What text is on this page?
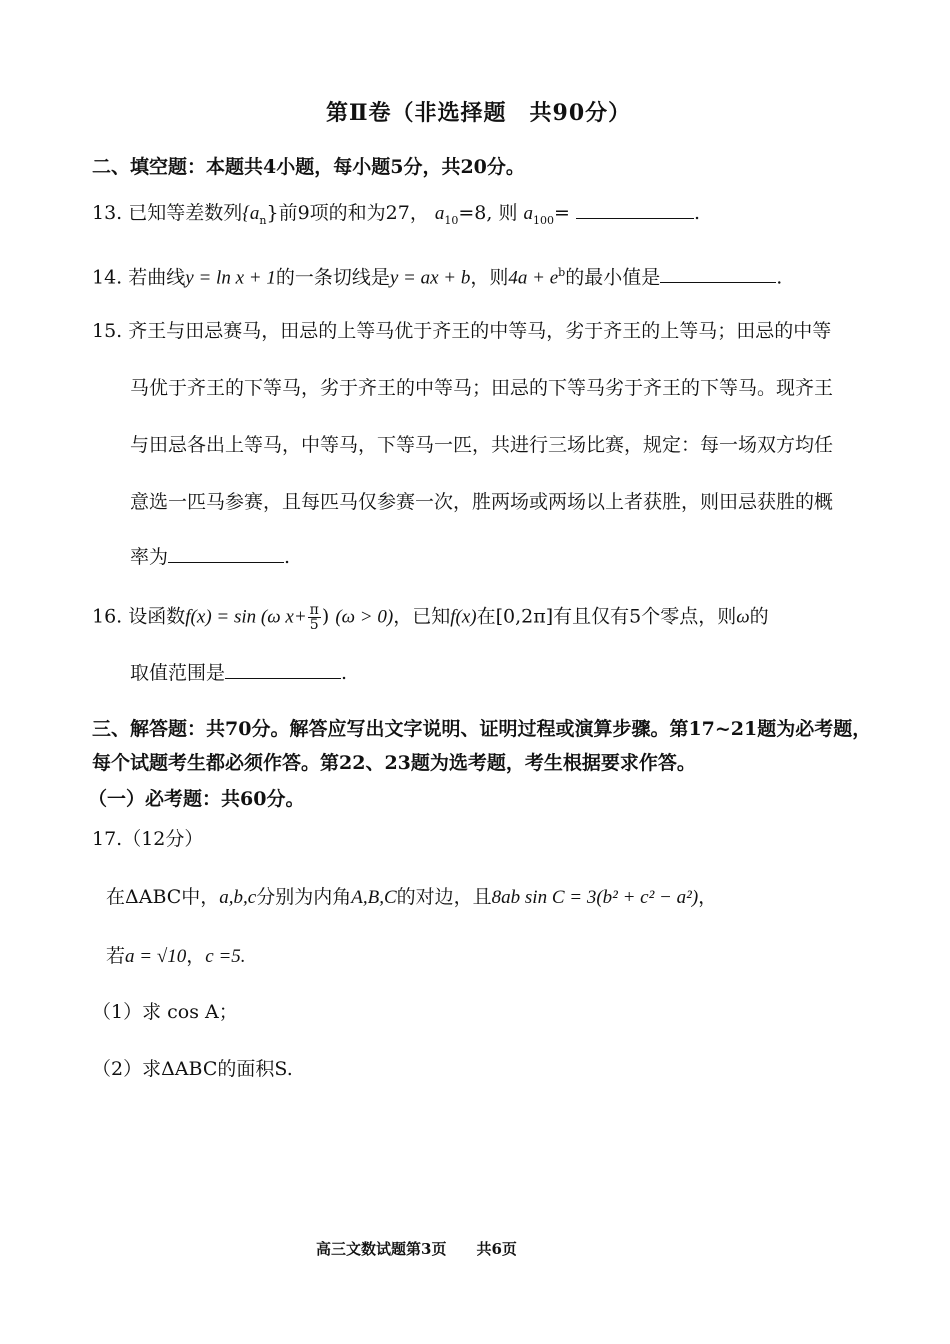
第Ⅱ卷（非选择题　共90分）
二、填空题：本题共4小题，每小题5分，共20分。
13. 已知等差数列$\{a_n\}$前9项的和为27， $a_{10}=8$, 则 $a_{100}=$	.
14. 若曲线y = ln x + 1的一条切线是y = ax + b，则$4a + e^b$的最小值是	.
15. 齐王与田忌赛马，田忌的上等马优于齐王的中等马，劣于齐王的上等马；田忌的中等
马优于齐王的下等马，劣于齐王的中等马；田忌的下等马劣于齐王的下等马。现齐王
与田忌各出上等马，中等马，下等马一匹，共进行三场比赛，规定：每一场双方均任
意选一匹马参赛，且每匹马仅参赛一次，胜两场或两场以上者获胜，则田忌获胜的概
率为	.
16. 设函数f(x) = sin (ω $x+ \frac{\pi}{5}$ ) (ω > 0)，已知f(x)在[0,2π]有且仅有5个零点，则ω的
取值范围是	.
三、解答题：共70分。解答应写出文字说明、证明过程或演算步骤。第17~21题为必考题，
每个试题考生都必须作答。第22、23题为选考题，考生根据要求作答。
（一）必考题：共60分。
17.（12分）
在ΔABC中，a,b,c分别为内角A,B,C的对边，且8ab sin C = 3(b² + c² − a²)，
若a = √10，c =5.
（1）求 cos A；
（2）求ΔABC的面积S.
高三文数试题第3页　　共6页
